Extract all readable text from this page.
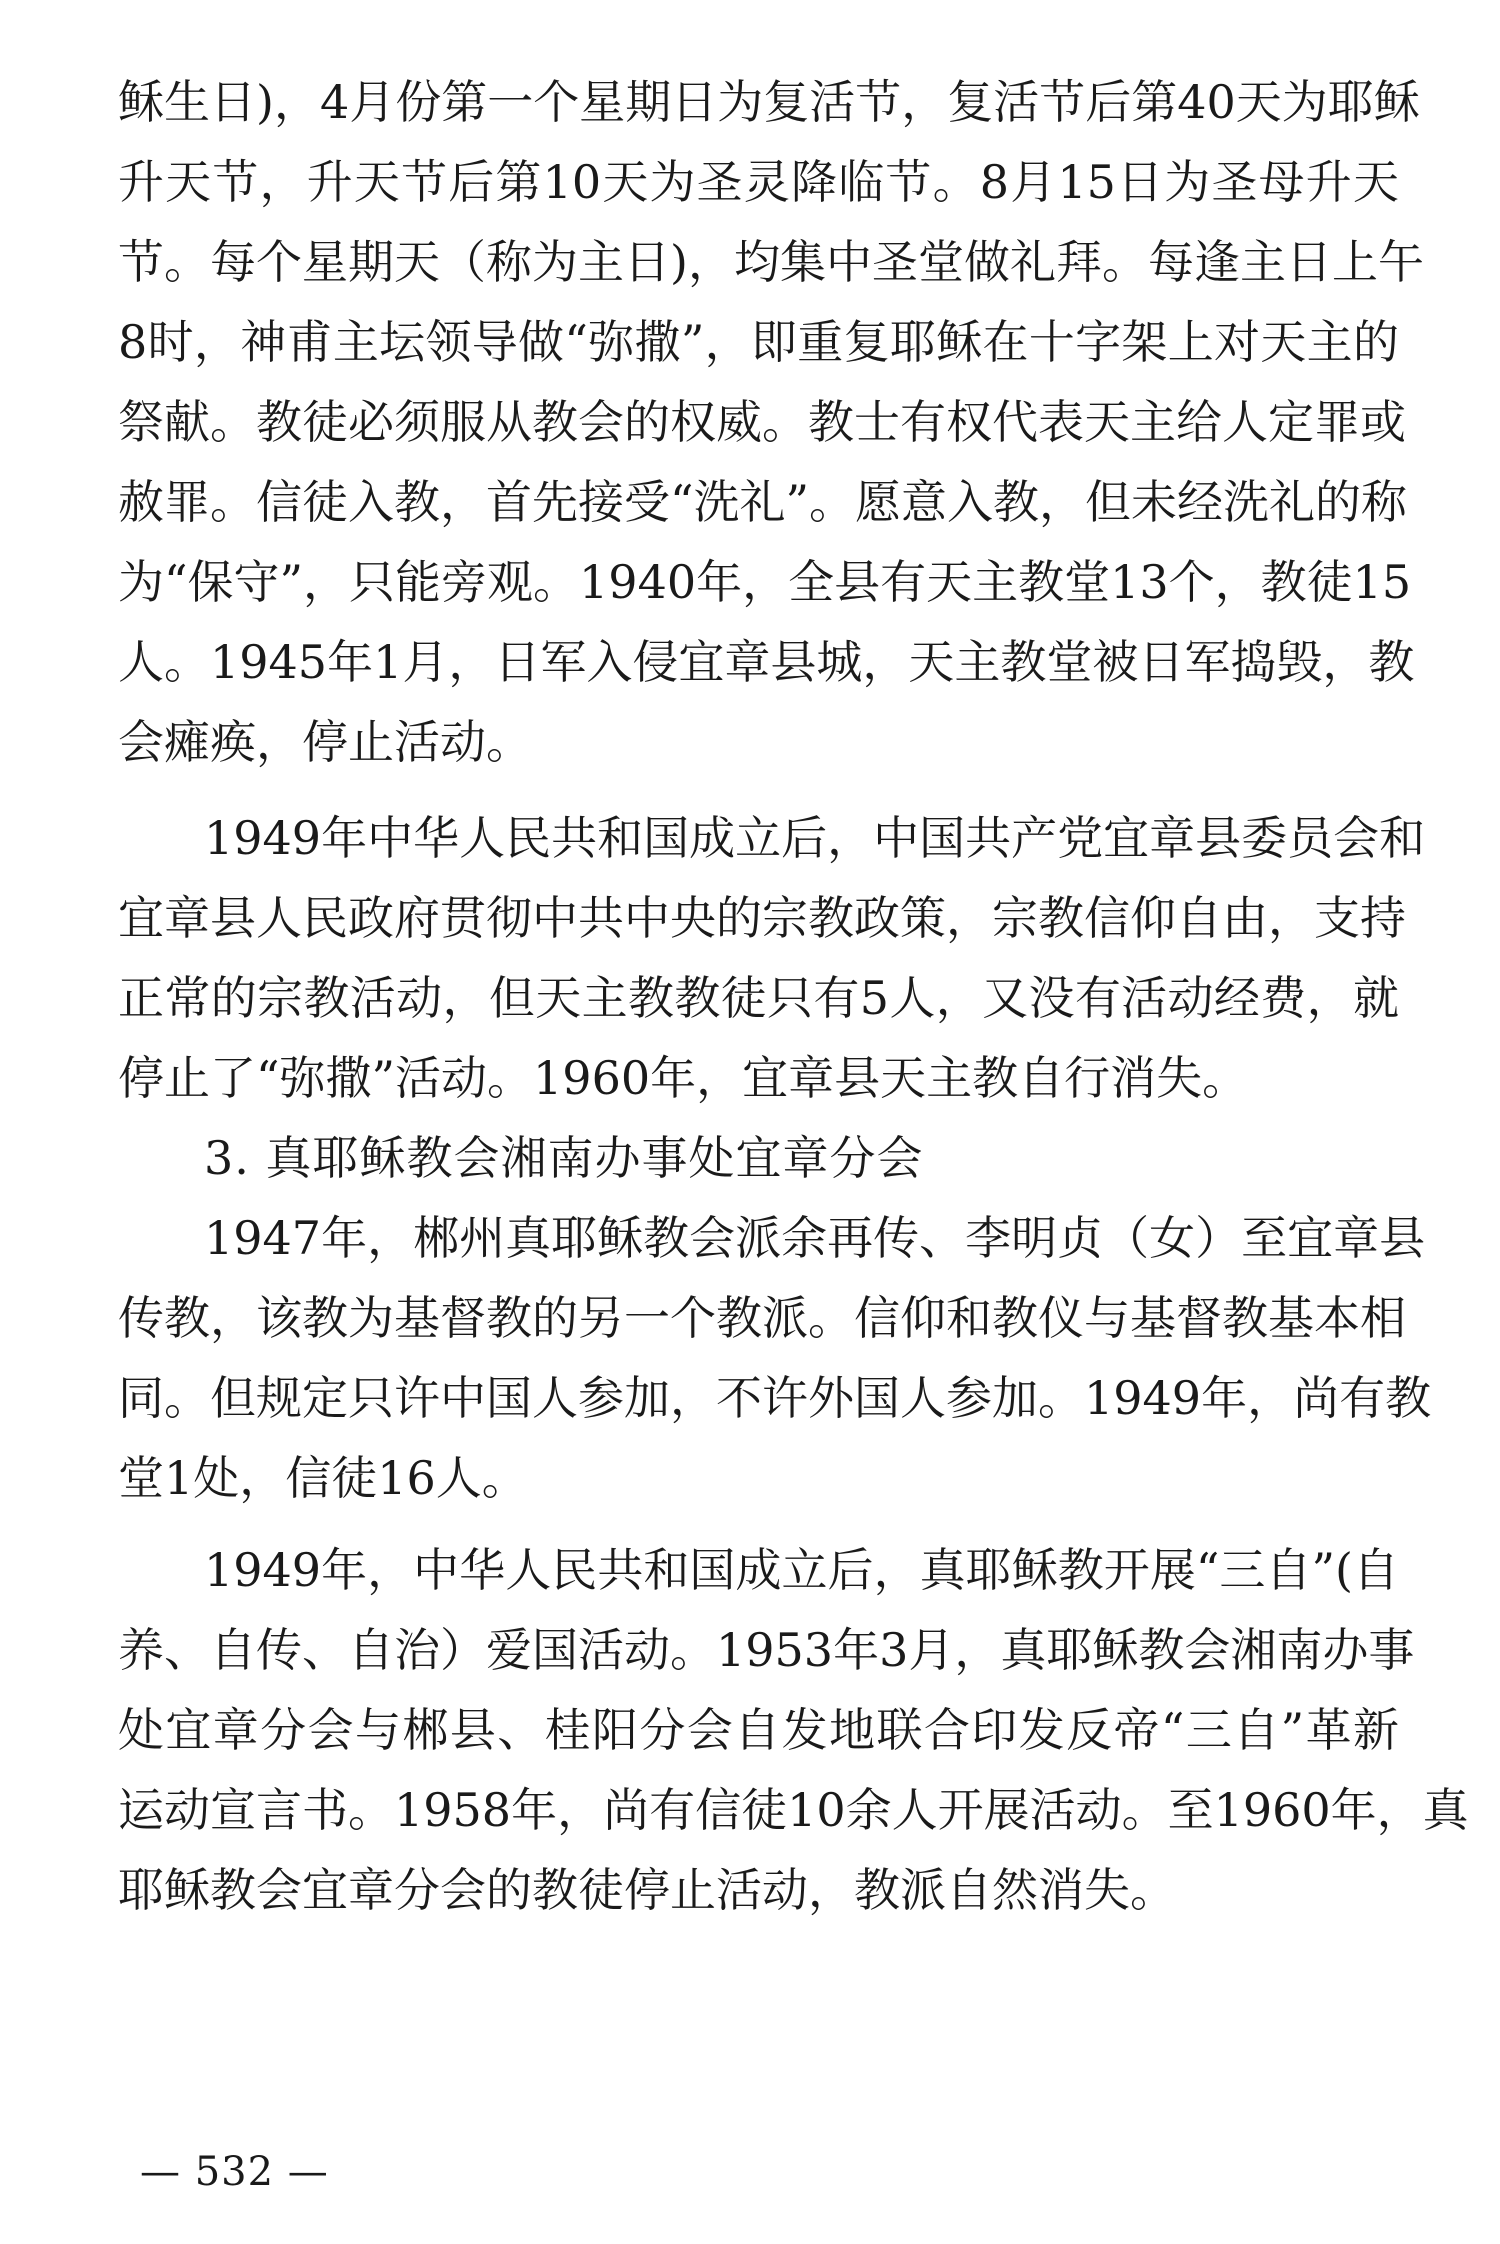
稣生日)，4月份第一个星期日为复活节，复活节后第40天为耶稣
升天节，升天节后第10天为圣灵降临节。8月15日为圣母升天
节。每个星期天（称为主日)，均集中圣堂做礼拜。每逢主日上午
8时，神甫主坛领导做“弥撒”，即重复耶稣在十字架上对天主的
祭献。教徒必须服从教会的权威。教士有权代表天主给人定罪或
赦罪。信徒入教，首先接受“洗礼”。愿意入教，但未经洗礼的称
为“保守”，只能旁观。1940年，全县有天主教堂13个，教徒15
人。1945年1月，日军入侵宜章县城，天主教堂被日军捣毁，教
会瘫痪，停止活动。
1949年中华人民共和国成立后，中国共产党宜章县委员会和
宜章县人民政府贯彻中共中央的宗教政策，宗教信仰自由，支持
正常的宗教活动，但天主教教徒只有5人，又没有活动经费，就
停止了“弥撒”活动。1960年，宜章县天主教自行消失。
3. 真耶稣教会湘南办事处宜章分会
1947年，郴州真耶稣教会派余再传、李明贞（女）至宜章县
传教，该教为基督教的另一个教派。信仰和教仪与基督教基本相
同。但规定只许中国人参加，不许外国人参加。1949年，尚有教
堂1处，信徒16人。
1949年，中华人民共和国成立后，真耶稣教开展“三自”(自
养、自传、自治）爱国活动。1953年3月，真耶稣教会湘南办事
处宜章分会与郴县、桂阳分会自发地联合印发反帝“三自”革新
运动宣言书。1958年，尚有信徒10余人开展活动。至1960年，真
耶稣教会宜章分会的教徒停止活动，教派自然消失。
— 532 —
